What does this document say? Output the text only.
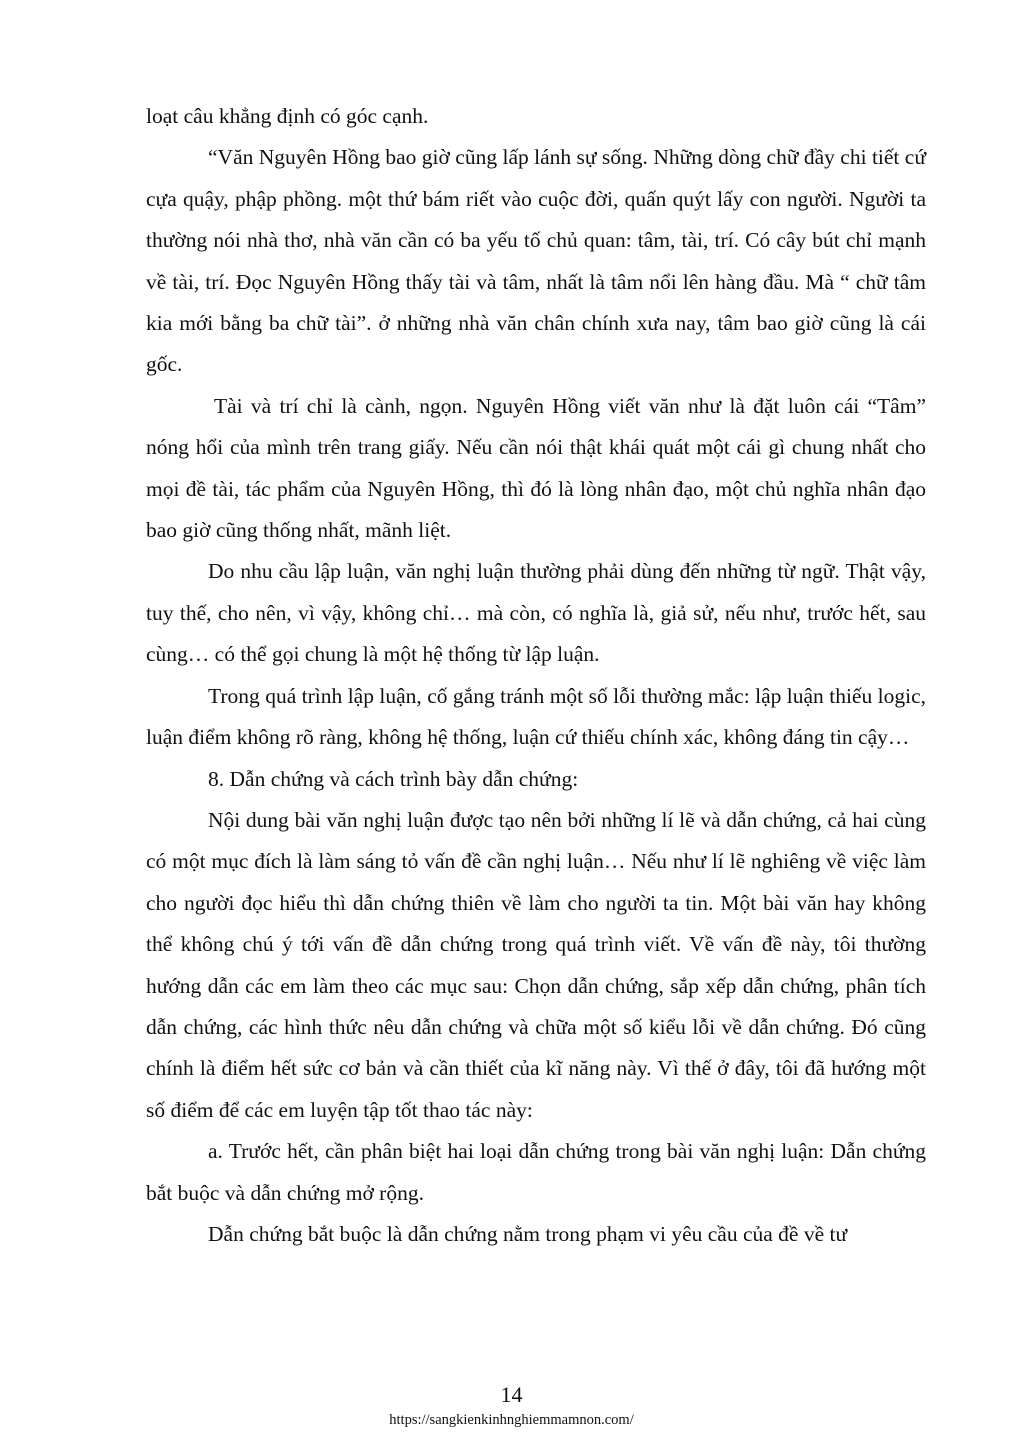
loạt câu khẳng định có góc cạnh.

“Văn Nguyên Hồng bao giờ cũng lấp lánh sự sống. Những dòng chữ đầy chi tiết cứ cựa quậy, phập phồng. một thứ bám riết vào cuộc đời, quấn quýt lấy con người. Người ta thường nói nhà thơ, nhà văn cần có ba yếu tố chủ quan: tâm, tài, trí. Có cây bút chỉ mạnh về tài, trí. Đọc Nguyên Hồng thấy tài và tâm, nhất là tâm nổi lên hàng đầu. Mà “ chữ tâm kia mới bằng ba chữ tài”. ở những nhà văn chân chính xưa nay, tâm bao giờ cũng là cái gốc.

Tài và trí chỉ là cành, ngọn. Nguyên Hồng viết văn như là đặt luôn cái “Tâm” nóng hổi của mình trên trang giấy. Nếu cần nói thật khái quát một cái gì chung nhất cho mọi đề tài, tác phẩm của Nguyên Hồng, thì đó là lòng nhân đạo, một chủ nghĩa nhân đạo bao giờ cũng thống nhất, mãnh liệt.

Do nhu cầu lập luận, văn nghị luận thường phải dùng đến những từ ngữ. Thật vậy, tuy thế, cho nên, vì vậy, không chỉ… mà còn, có nghĩa là, giả sử, nếu như, trước hết, sau cùng… có thể gọi chung là một hệ thống từ lập luận.

Trong quá trình lập luận, cố gắng tránh một số lỗi thường mắc: lập luận thiếu logic, luận điểm không rõ ràng, không hệ thống, luận cứ thiếu chính xác, không đáng tin cậy…

8. Dẫn chứng và cách trình bày dẫn chứng:

Nội dung bài văn nghị luận được tạo nên bởi những lí lẽ và dẫn chứng, cả hai cùng có một mục đích là làm sáng tỏ vấn đề cần nghị luận… Nếu như lí lẽ nghiêng về việc làm cho người đọc hiểu thì dẫn chứng thiên về làm cho người ta tin. Một bài văn hay không thể không chú ý tới vấn đề dẫn chứng trong quá trình viết. Về vấn đề này, tôi thường hướng dẫn các em làm theo các mục sau: Chọn dẫn chứng, sắp xếp dẫn chứng, phân tích dẫn chứng, các hình thức nêu dẫn chứng và chữa một số kiểu lỗi về dẫn chứng. Đó cũng chính là điểm hết sức cơ bản và cần thiết của kĩ năng này. Vì thế ở đây, tôi đã hướng một số điểm để các em luyện tập tốt thao tác này:

a. Trước hết, cần phân biệt hai loại dẫn chứng trong bài văn nghị luận: Dẫn chứng bắt buộc và dẫn chứng mở rộng.

Dẫn chứng bắt buộc là dẫn chứng nằm trong phạm vi yêu cầu của đề về tư

14
https://sangkienkinhnghiemmamnon.com/
